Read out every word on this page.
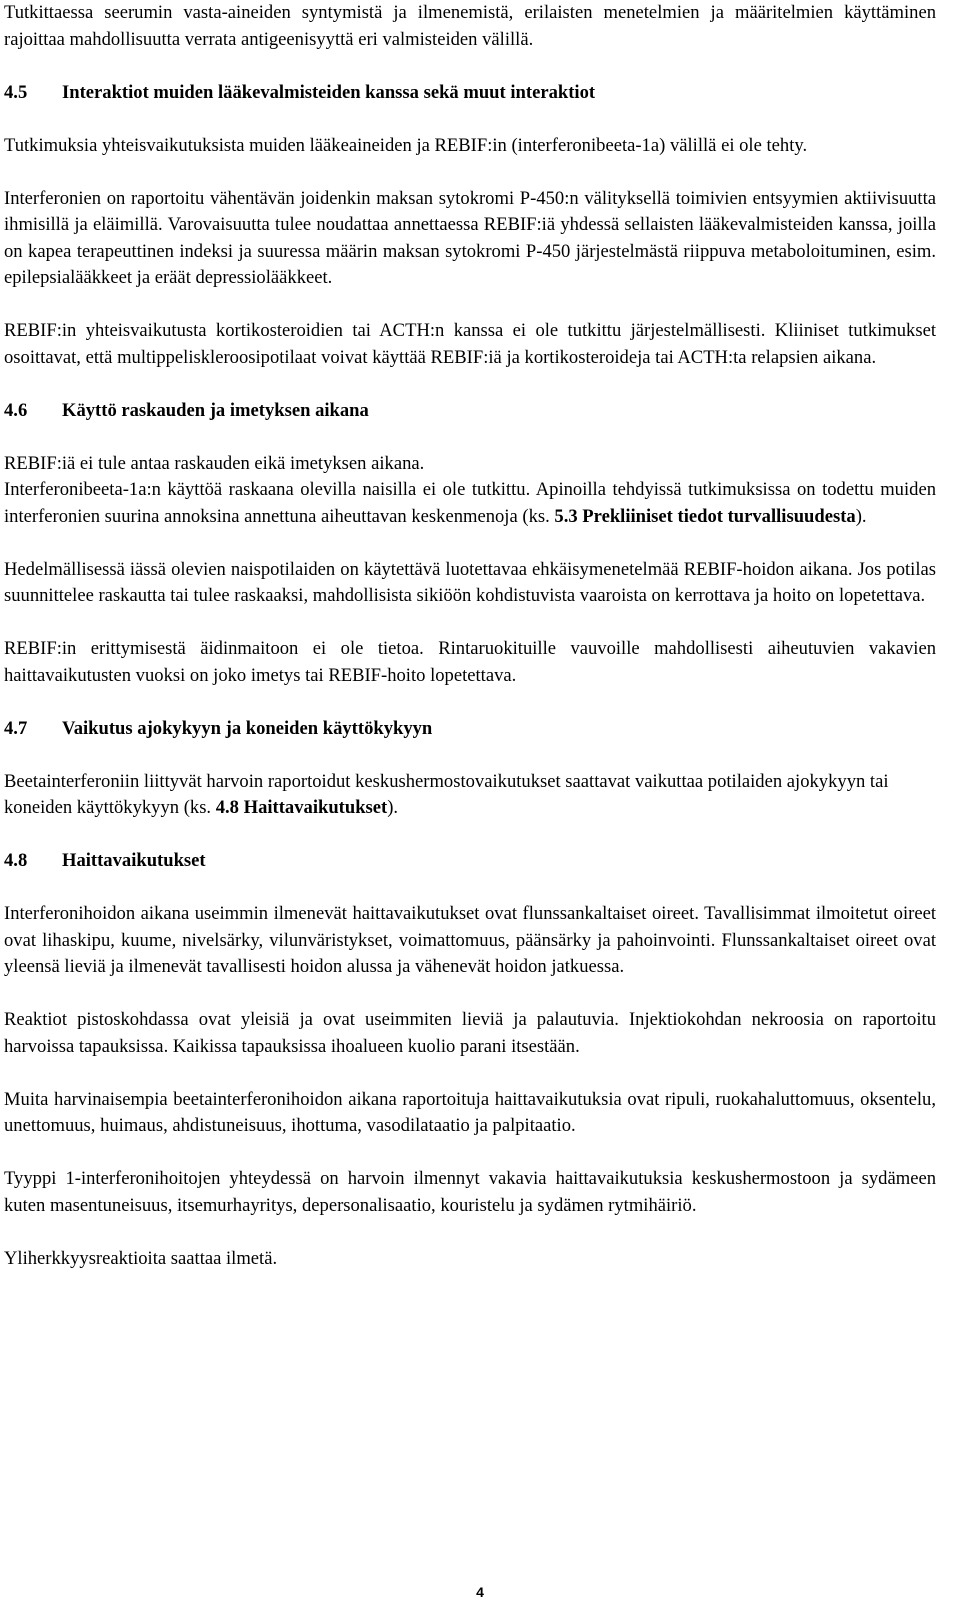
Tutkittaessa seerumin vasta-aineiden syntymistä ja ilmenemistä, erilaisten menetelmien ja määritelmien käyttäminen rajoittaa mahdollisuutta verrata antigeenisyyttä eri valmisteiden välillä.

4.5 Interaktiot muiden lääkevalmisteiden kanssa sekä muut interaktiot

Tutkimuksia yhteisvaikutuksista muiden lääkeaineiden ja REBIF:in (interferonibeeta-1a) välillä ei ole tehty.

Interferonien on raportoitu vähentävän joidenkin maksan sytokromi P-450:n välityksellä toimivien entsyymien aktiivisuutta ihmisillä ja eläimillä. Varovaisuutta tulee noudattaa annettaessa REBIF:iä yhdessä sellaisten lääkevalmisteiden kanssa, joilla on kapea terapeuttinen indeksi ja suuressa määrin maksan sytokromi P-450 järjestelmästä riippuva metaboloituminen, esim. epilepsialääkkeet ja eräät depressiolääkkeet.

REBIF:in yhteisvaikutusta kortikosteroidien tai ACTH:n kanssa ei ole tutkittu järjestelmällisesti. Kliiniset tutkimukset osoittavat, että multippeliskleroosipotilaat voivat käyttää REBIF:iä ja kortikosteroideja tai ACTH:ta relapsien aikana.

4.6 Käyttö raskauden ja imetyksen aikana

REBIF:iä ei tule antaa raskauden eikä imetyksen aikana.
Interferonibeeta-1a:n käyttöä raskaana olevilla naisilla ei ole tutkittu. Apinoilla tehdyissä tutkimuksissa on todettu muiden interferonien suurina annoksina annettuna aiheuttavan keskenmenoja (ks. 5.3 Prekliiniset tiedot turvallisuudesta).

Hedelmällisessä iässä olevien naispotilaiden on käytettävä luotettavaa ehkäisymenetelmää REBIF-hoidon aikana. Jos potilas suunnittelee raskautta tai tulee raskaaksi, mahdollisista sikiöön kohdistuvista vaaroista on kerrottava ja hoito on lopetettava.

REBIF:in erittymisestä äidinmaitoon ei ole tietoa. Rintaruokituille vauvoille mahdollisesti aiheutuvien vakavien haittavaikutusten vuoksi on joko imetys tai REBIF-hoito lopetettava.

4.7 Vaikutus ajokykyyn ja koneiden käyttökykyyn

Beetainterferoniin liittyvät harvoin raportoidut keskushermostovaikutukset saattavat vaikuttaa potilaiden ajokykyyn tai koneiden käyttökykyyn (ks. 4.8 Haittavaikutukset).

4.8 Haittavaikutukset

Interferonihoidon aikana useimmin ilmenevät haittavaikutukset ovat flunssankaltaiset oireet. Tavallisimmat ilmoitetut oireet ovat lihaskipu, kuume, nivelsärky, vilunväristykset, voimattomuus, päänsärky ja pahoinvointi. Flunssankaltaiset oireet ovat yleensä lieviä ja ilmenevät tavallisesti hoidon alussa ja vähenevät hoidon jatkuessa.

Reaktiot pistoskohdassa ovat yleisiä ja ovat useimmiten lieviä ja palautuvia. Injektiokohdan nekroosia on raportoitu harvoissa tapauksissa. Kaikissa tapauksissa ihoalueen kuolio parani itsestään.

Muita harvinaisempia beetainterferonihoidon aikana raportoituja haittavaikutuksia ovat ripuli, ruokahaluttomuus, oksentelu, unettomuus, huimaus, ahdistuneisuus, ihottuma, vasodilataatio ja palpitaatio.

Tyyppi 1-interferonihoitojen yhteydessä on harvoin ilmennyt vakavia haittavaikutuksia keskushermostoon ja sydämeen kuten masentuneisuus, itsemurhayritys, depersonalisaatio, kouristelu ja sydämen rytmihäiriö.

Yliherkkyysreaktioita saattaa ilmetä.

4
